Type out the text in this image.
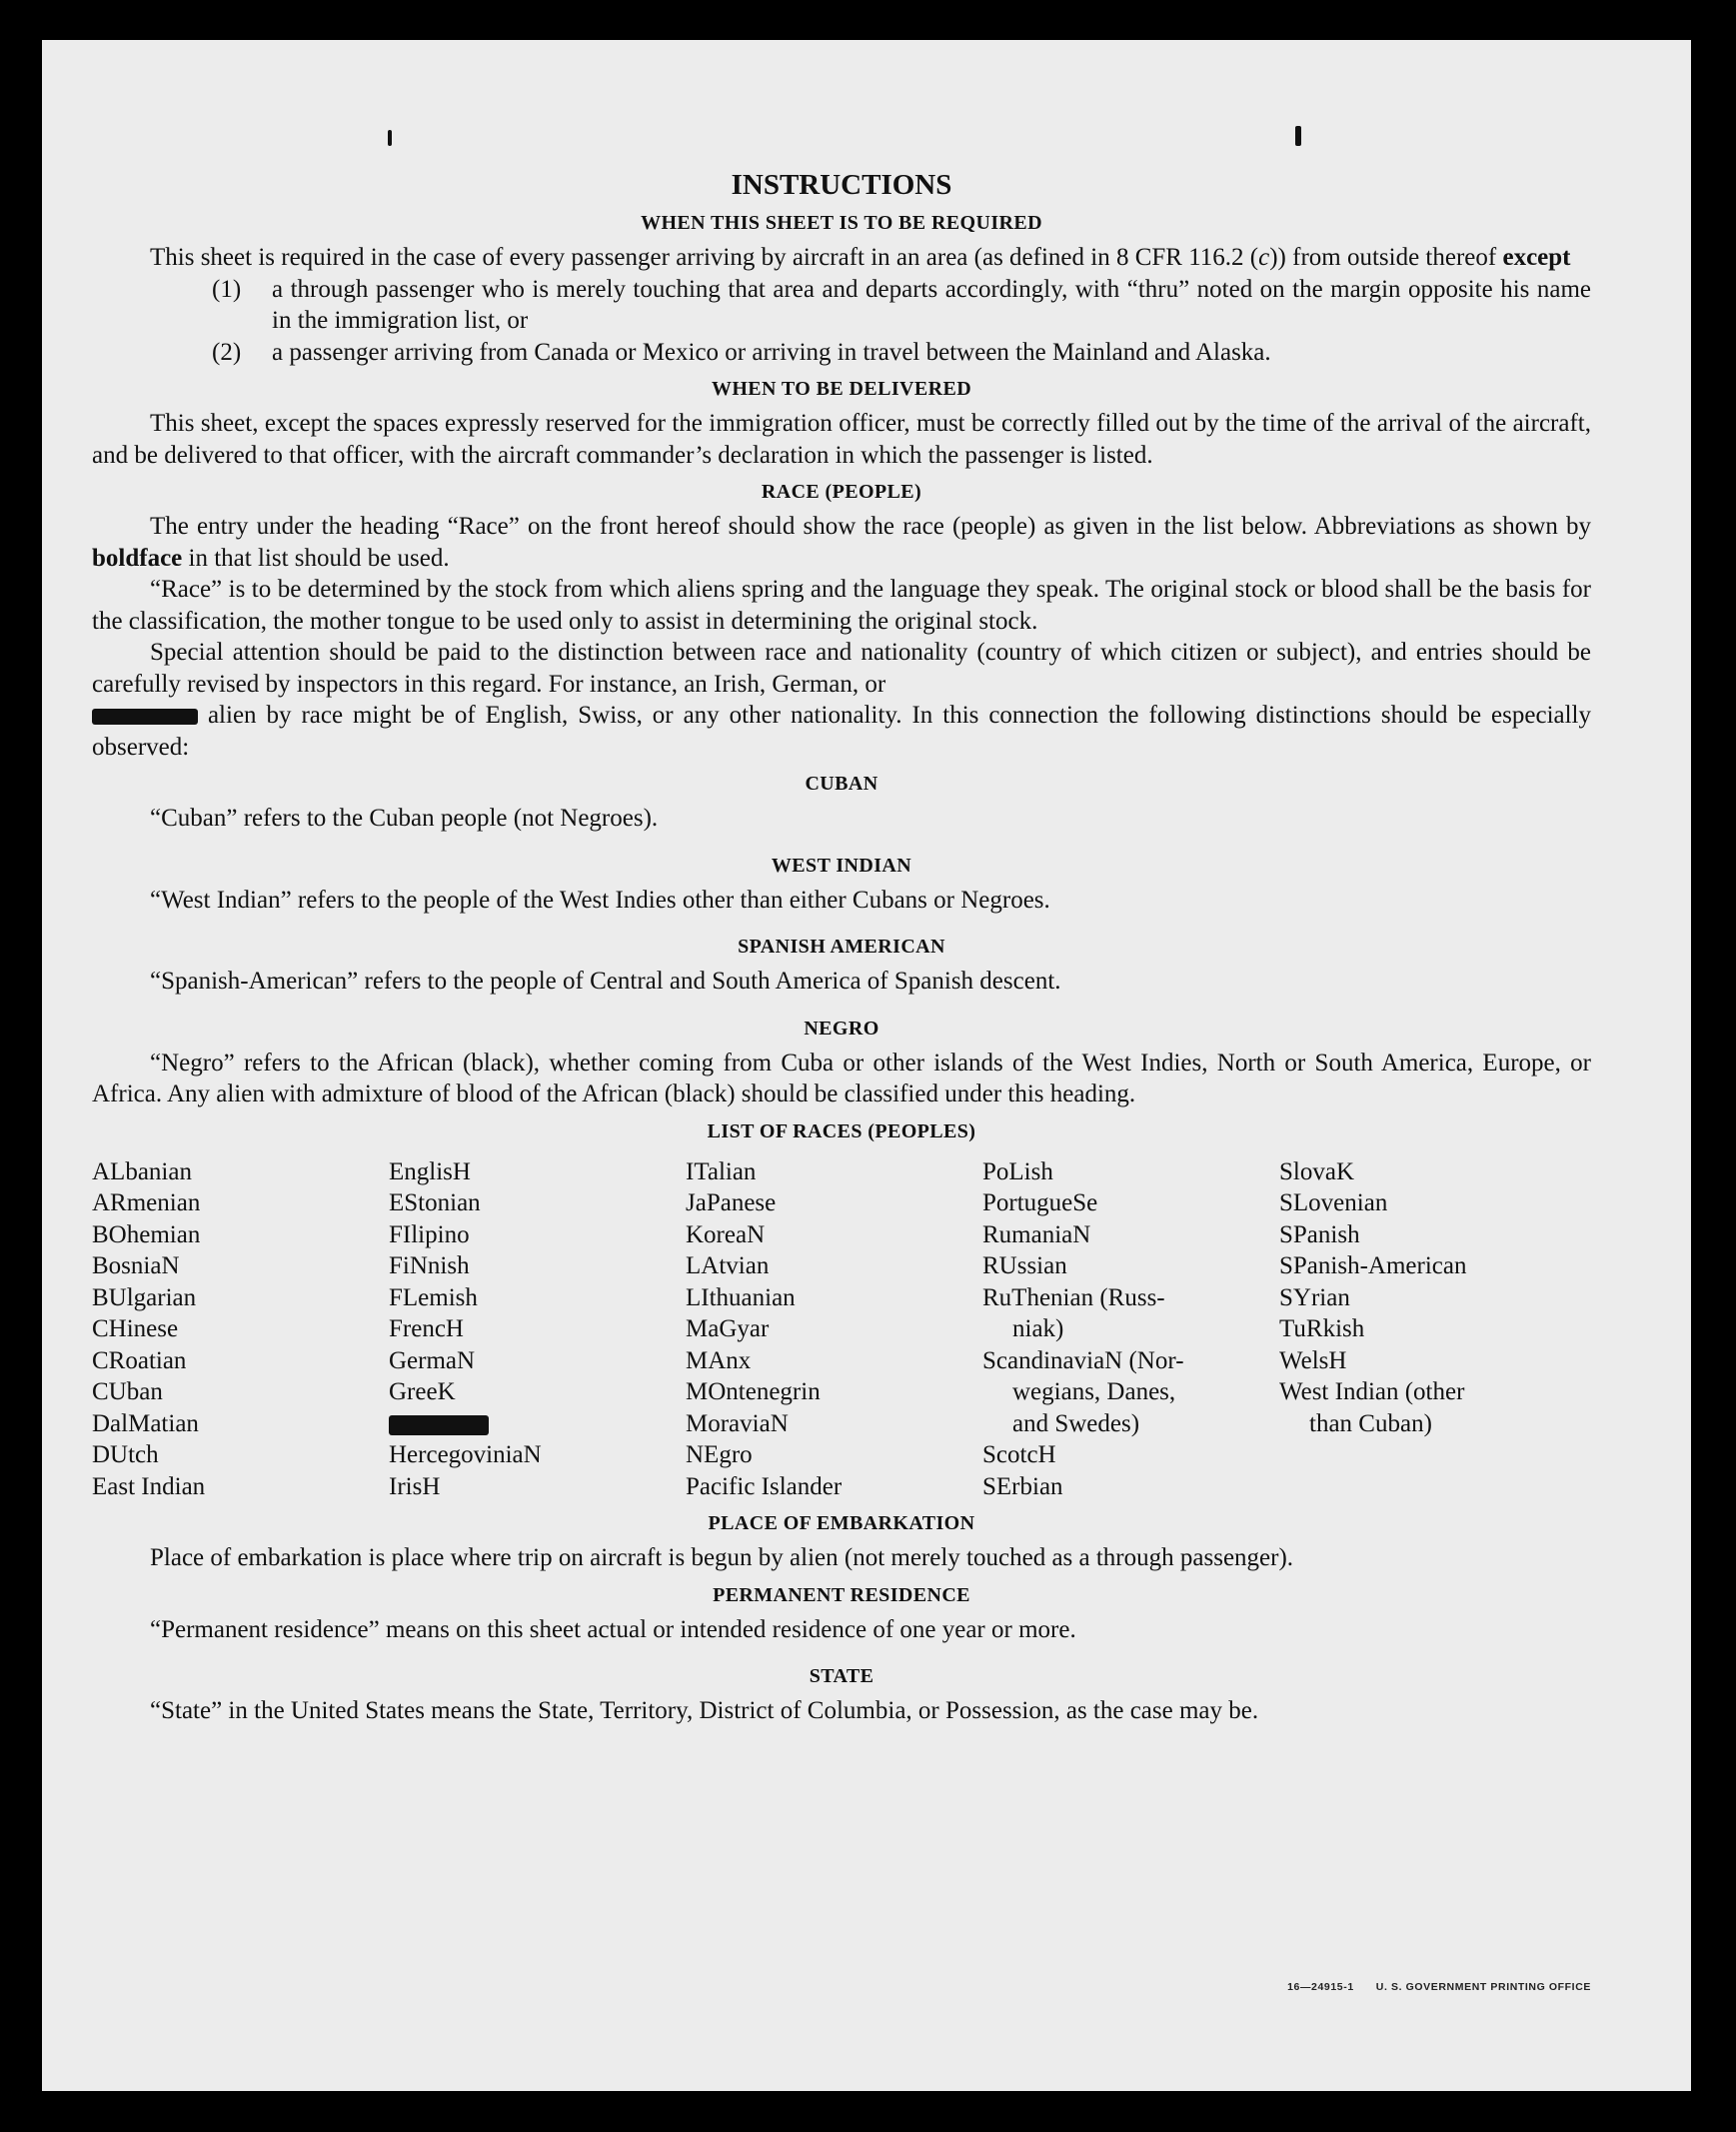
INSTRUCTIONS
WHEN THIS SHEET IS TO BE REQUIRED

This sheet is required in the case of every passenger arriving by aircraft in an area (as defined in 8 CFR 116.2 (c)) from outside thereof except

(1)	a through passenger who is merely touching that area and departs accordingly, with “thru” noted on the margin opposite his name in the immigration list, or
(2)	a passenger arriving from Canada or Mexico or arriving in travel between the Mainland and Alaska.
WHEN TO BE DELIVERED

This sheet, except the spaces expressly reserved for the immigration officer, must be correctly filled out by the time of the arrival of the aircraft, and be delivered to that officer, with the aircraft commander’s declaration in which the passenger is listed.

RACE (PEOPLE)

The entry under the heading “Race” on the front hereof should show the race (people) as given in the list below. Abbreviations as shown by boldface in that list should be used.

“Race” is to be determined by the stock from which aliens spring and the language they speak. The original stock or blood shall be the basis for the classification, the mother tongue to be used only to assist in determining the original stock.

Special attention should be paid to the distinction between race and nationality (country of which citizen or subject), and entries should be carefully revised by inspectors in this regard. For instance, an Irish, German, or
alien by race might be of English, Swiss, or any other nationality. In this connection the following distinctions should be especially observed:

CUBAN

“Cuban” refers to the Cuban people (not Negroes).

WEST INDIAN

“West Indian” refers to the people of the West Indies other than either Cubans or Negroes.

SPANISH AMERICAN

“Spanish-American” refers to the people of Central and South America of Spanish descent.

NEGRO

“Negro” refers to the African (black), whether coming from Cuba or other islands of the West Indies, North or South America, Europe, or Africa. Any alien with admixture of blood of the African (black) should be classified under this heading.

LIST OF RACES (PEOPLES)
ALbanian
ARmenian
BOhemian
BosniaN
BUlgarian
CHinese
CRoatian
CUban
DalMatian
DUtch
East Indian
EnglisH
EStonian
FIlipino
FiNnish
FLemish
FrencH
GermaN
GreeK
HercegoviniaN
IrisH
ITalian
JaPanese
KoreaN
LAtvian
LIthuanian
MaGyar
MAnx
MOntenegrin
MoraviaN
NEgro
Pacific Islander
PoLish
PortugueSe
RumaniaN
RUssian
RuThenian (Russ-
niak)
ScandinaviaN (Nor-
wegians, Danes,
and Swedes)
ScotcH
SErbian
SlovaK
SLovenian
SPanish
SPanish-American
SYrian
TuRkish
WelsH
West Indian (other
than Cuban)
PLACE OF EMBARKATION

Place of embarkation is place where trip on aircraft is begun by alien (not merely touched as a through passenger).

PERMANENT RESIDENCE

“Permanent residence” means on this sheet actual or intended residence of one year or more.

STATE

“State” in the United States means the State, Territory, District of Columbia, or Possession, as the case may be.

16—24915-1 U. S. GOVERNMENT PRINTING OFFICE
